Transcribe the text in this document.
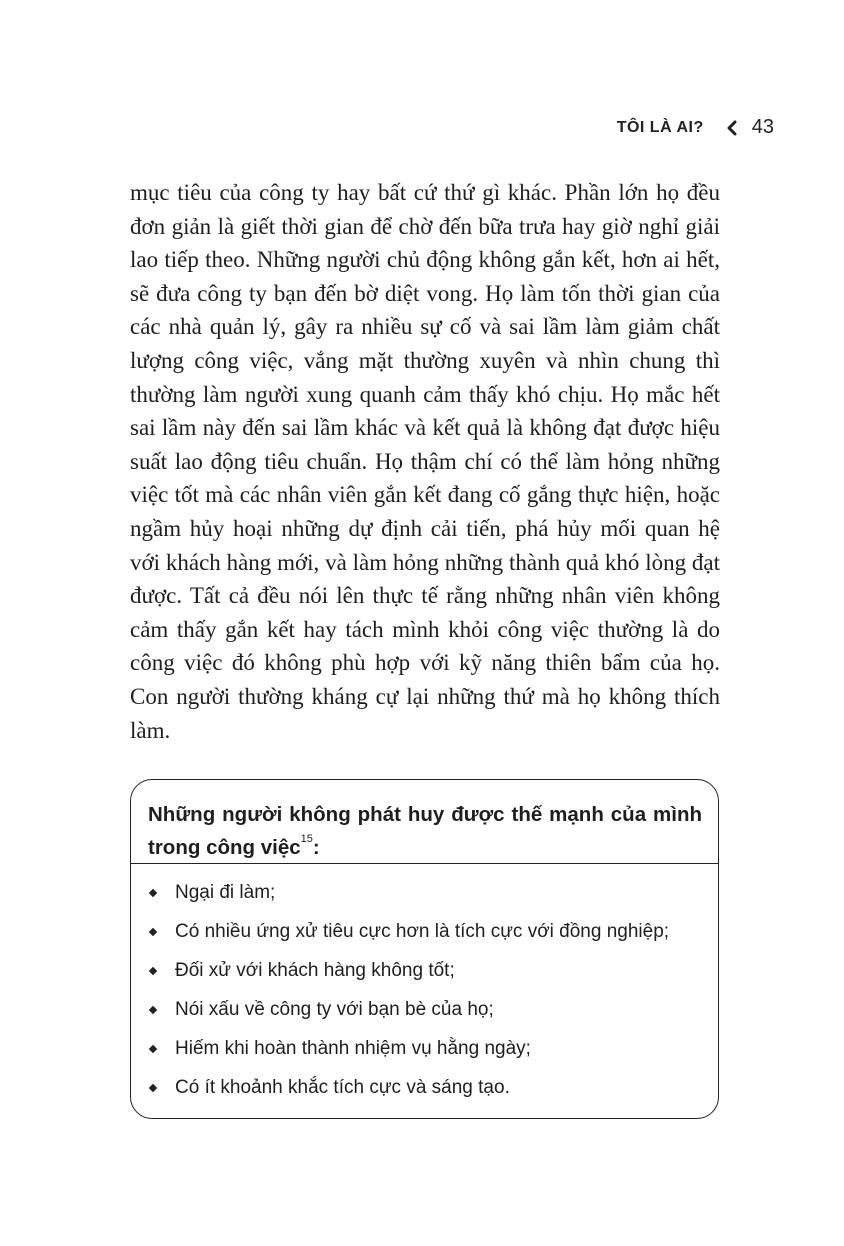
TÔI LÀ AI? 43

mục tiêu của công ty hay bất cứ thứ gì khác. Phần lớn họ đều đơn giản là giết thời gian để chờ đến bữa trưa hay giờ nghỉ giải lao tiếp theo. Những người chủ động không gắn kết, hơn ai hết, sẽ đưa công ty bạn đến bờ diệt vong. Họ làm tốn thời gian của các nhà quản lý, gây ra nhiều sự cố và sai lầm làm giảm chất lượng công việc, vắng mặt thường xuyên và nhìn chung thì thường làm người xung quanh cảm thấy khó chịu. Họ mắc hết sai lầm này đến sai lầm khác và kết quả là không đạt được hiệu suất lao động tiêu chuẩn. Họ thậm chí có thể làm hỏng những việc tốt mà các nhân viên gắn kết đang cố gắng thực hiện, hoặc ngầm hủy hoại những dự định cải tiến, phá hủy mối quan hệ với khách hàng mới, và làm hỏng những thành quả khó lòng đạt được. Tất cả đều nói lên thực tế rằng những nhân viên không cảm thấy gắn kết hay tách mình khỏi công việc thường là do công việc đó không phù hợp với kỹ năng thiên bẩm của họ. Con người thường kháng cự lại những thứ mà họ không thích làm.

Những người không phát huy được thế mạnh của mình trong công việc$^{15}$:
Ngại đi làm;
Có nhiều ứng xử tiêu cực hơn là tích cực với đồng nghiệp;
Đối xử với khách hàng không tốt;
Nói xấu về công ty với bạn bè của họ;
Hiếm khi hoàn thành nhiệm vụ hằng ngày;
Có ít khoảnh khắc tích cực và sáng tạo.
